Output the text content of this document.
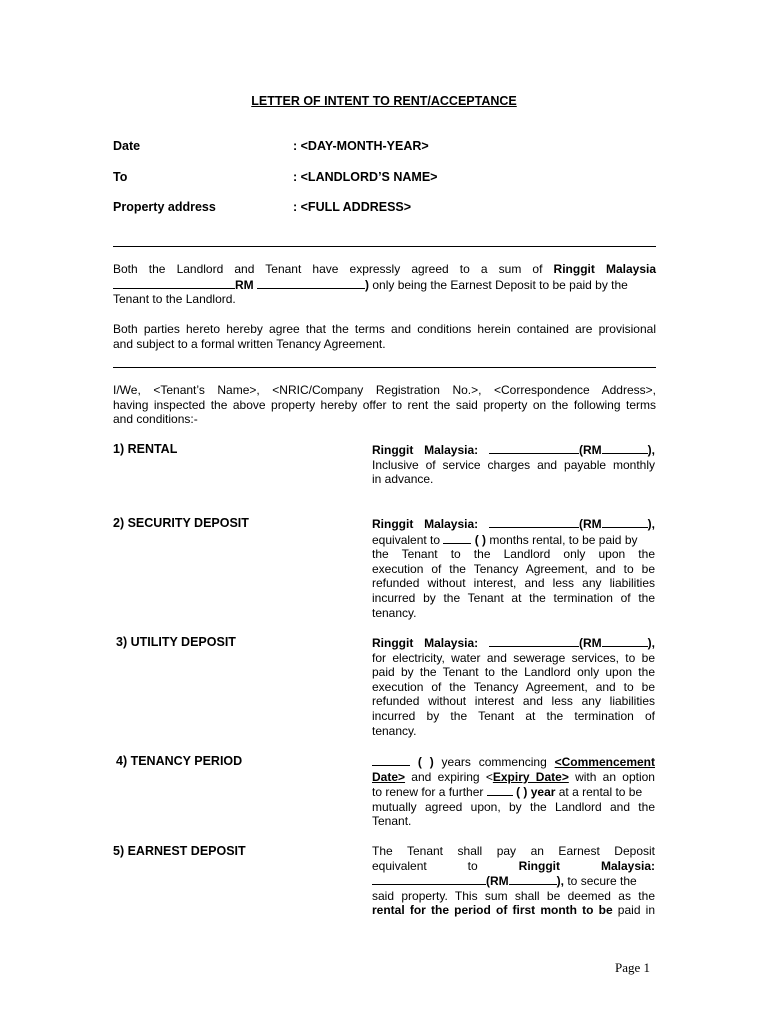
LETTER OF INTENT TO RENT/ACCEPTANCE
Date	: <DAY-MONTH-YEAR>
To	: <LANDLORD’S NAME>
Property address	: <FULL ADDRESS>
Both the Landlord and Tenant have expressly agreed to a sum of Ringgit Malaysia
RM	) only being the Earnest Deposit to be paid by the
Tenant to the Landlord.
Both parties hereto hereby agree that the terms and conditions herein contained are provisional
and subject to a formal written Tenancy Agreement.
I/We, <Tenant’s Name>, <NRIC/Company Registration No.>, <Correspondence Address>,
having inspected the above property hereby offer to rent the said property on the following terms
and conditions:-
1) RENTAL	Ringgit Malaysia:	(RM	),
Inclusive of service charges and payable monthly
in advance.
2) SECURITY DEPOSIT	Ringgit Malaysia:	(RM	),
equivalent to  ( ) months rental, to be paid by
the Tenant to the Landlord only upon the
execution of the Tenancy Agreement, and to be
refunded without interest, and less any liabilities
incurred by the Tenant at the termination of the
tenancy.
3) UTILITY DEPOSIT	Ringgit Malaysia:	(RM	),
for electricity, water and sewerage services, to be
paid by the Tenant to the Landlord only upon the
execution of the Tenancy Agreement, and to be
refunded without interest and less any liabilities
incurred by the Tenant at the termination of
tenancy.
4) TENANCY PERIOD	( ) years commencing <Commencement
Date> and expiring <Expiry Date> with an option
to renew for a further  ( ) year at a rental to be
mutually agreed upon, by the Landlord and the
Tenant.
5) EARNEST DEPOSIT	The Tenant shall pay an Earnest Deposit
equivalent to Ringgit Malaysia:
(RM	), to secure the
said property. This sum shall be deemed as the
rental for the period of first month to be paid in
Page 1
